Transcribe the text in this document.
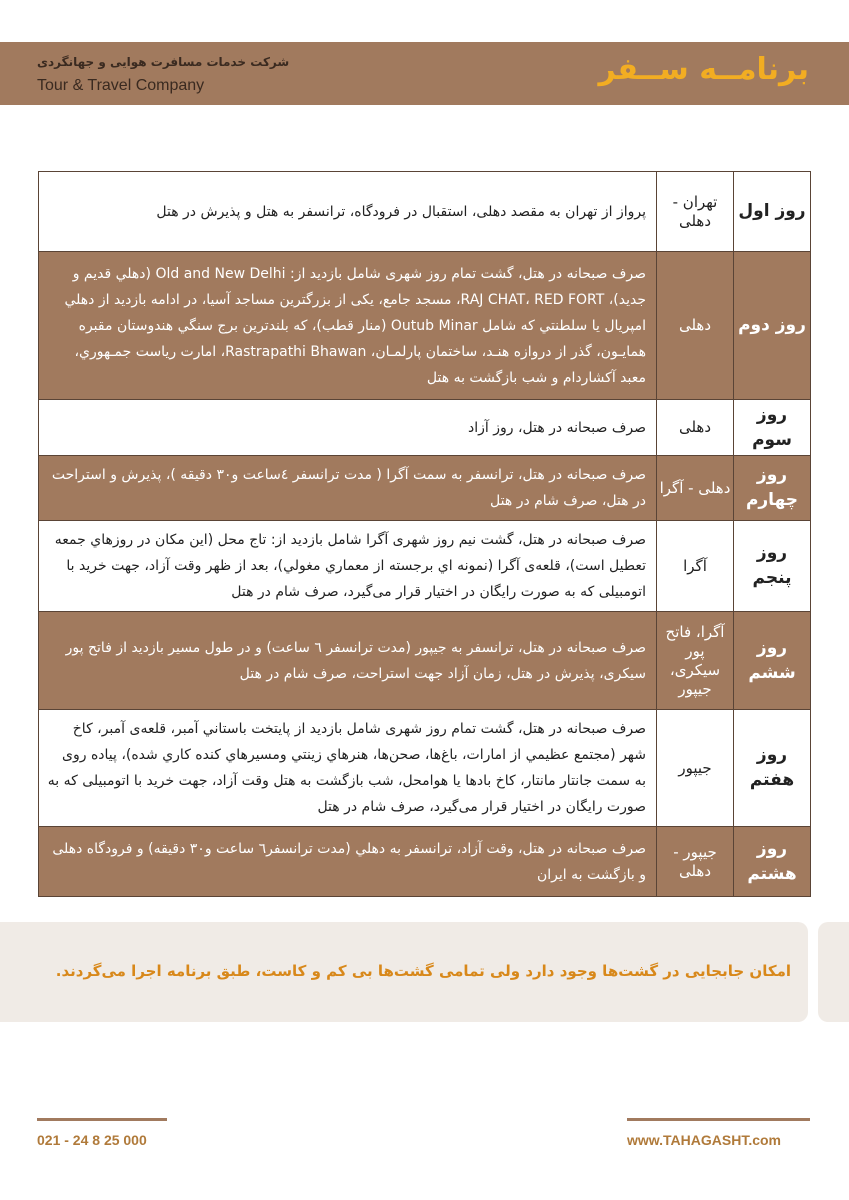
شرکت خدمات مسافرت هوایی و جهانگردی
Tour & Travel Company	برنامــه ســفر
روز اول	تهران - دهلی	پرواز از تهران به مقصد دهلی، استقبال در فرودگاه، ترانسفر به هتل و پذیرش در هتل
روز دوم	دهلی	صرف صبحانه در هتل، گشت تمام روز شهری شامل بازدید از: Old and New Delhi (دهلي قديم و جديد)، RAJ CHAT، RED FORT، مسجد جامع، يکی از بزرگترين مساجد آسيا، در ادامه بازديد از دهلي امپريال يا سلطنتي که شامل Outub Minar (منار قطب)، که بلندترين برج سنگي هندوستان مقبره همايـون، گذر از دروازه هنـد، ساختمان پارلمـان، Rastrapathi Bhawan، امارت رياست جمـهوري، معبد آکشاردام و شب بازگشت به هتل
روز سوم	دهلی	صرف صبحانه در هتل، روز آزاد
روز چهارم	دهلی - آگرا	صرف صبحانه در هتل، ترانسفر به سمت آگرا ( مدت ترانسفر ٤ساعت و٣٠ دقیقه )، پذیرش و استراحت در هتل، صرف شام در هتل
روز پنجم	آگرا	صرف صبحانه در هتل، گشت نیم روز شهری آگرا شامل بازدید از: تاج محل (اين مکان در روزهاي جمعه تعطيل است)، قلعه‌ی آگرا (نمونه اي برجسته از معماري مغولي)، بعد از ظهر وقت آزاد، جهت خرید با اتومبیلی که به صورت رایگان در اختیار قرار می‌گیرد، صرف شام در هتل
روز ششم	آگرا، فاتح پور سیکری، جیپور	صرف صبحانه در هتل، ترانسفر به جیپور (مدت ترانسفر ٦ ساعت) و در طول مسیر بازدید از فاتح پور سیکری، پذیرش در هتل، زمان آزاد جهت استراحت، صرف شام در هتل
روز هفتم	جیپور	صرف صبحانه در هتل، گشت تمام روز شهری شامل بازدید از پايتخت باستاني آمبر، قلعه‌ی آمبر، کاخ شهر (مجتمع عظيمي از امارات، باغ‌ها، صحن‌ها، هنرهاي زينتي ومسيرهاي کنده کاري شده)، پياده روی به سمت جانتار مانتار، کاخ بادها يا هوامحل، شب بازگشت به هتل وقت آزاد، جهت خرید با اتومبیلی که به صورت رایگان در اختیار قرار می‌گیرد، صرف شام در هتل
روز هشتم	جیپور - دهلی	صرف صبحانه در هتل، وقت آزاد، ترانسفر به دهلي (مدت ترانسفر٦ ساعت و٣٠ دقیقه) و فرودگاه دهلی و بازگشت به ایران
امکان جابجایی در گشت‌ها وجود دارد ولی تمامی گشت‌ها بی کم و کاست، طبق برنامه اجرا می‌گردند.
021 - 24 8 25 000	www.TAHAGASHT.com
